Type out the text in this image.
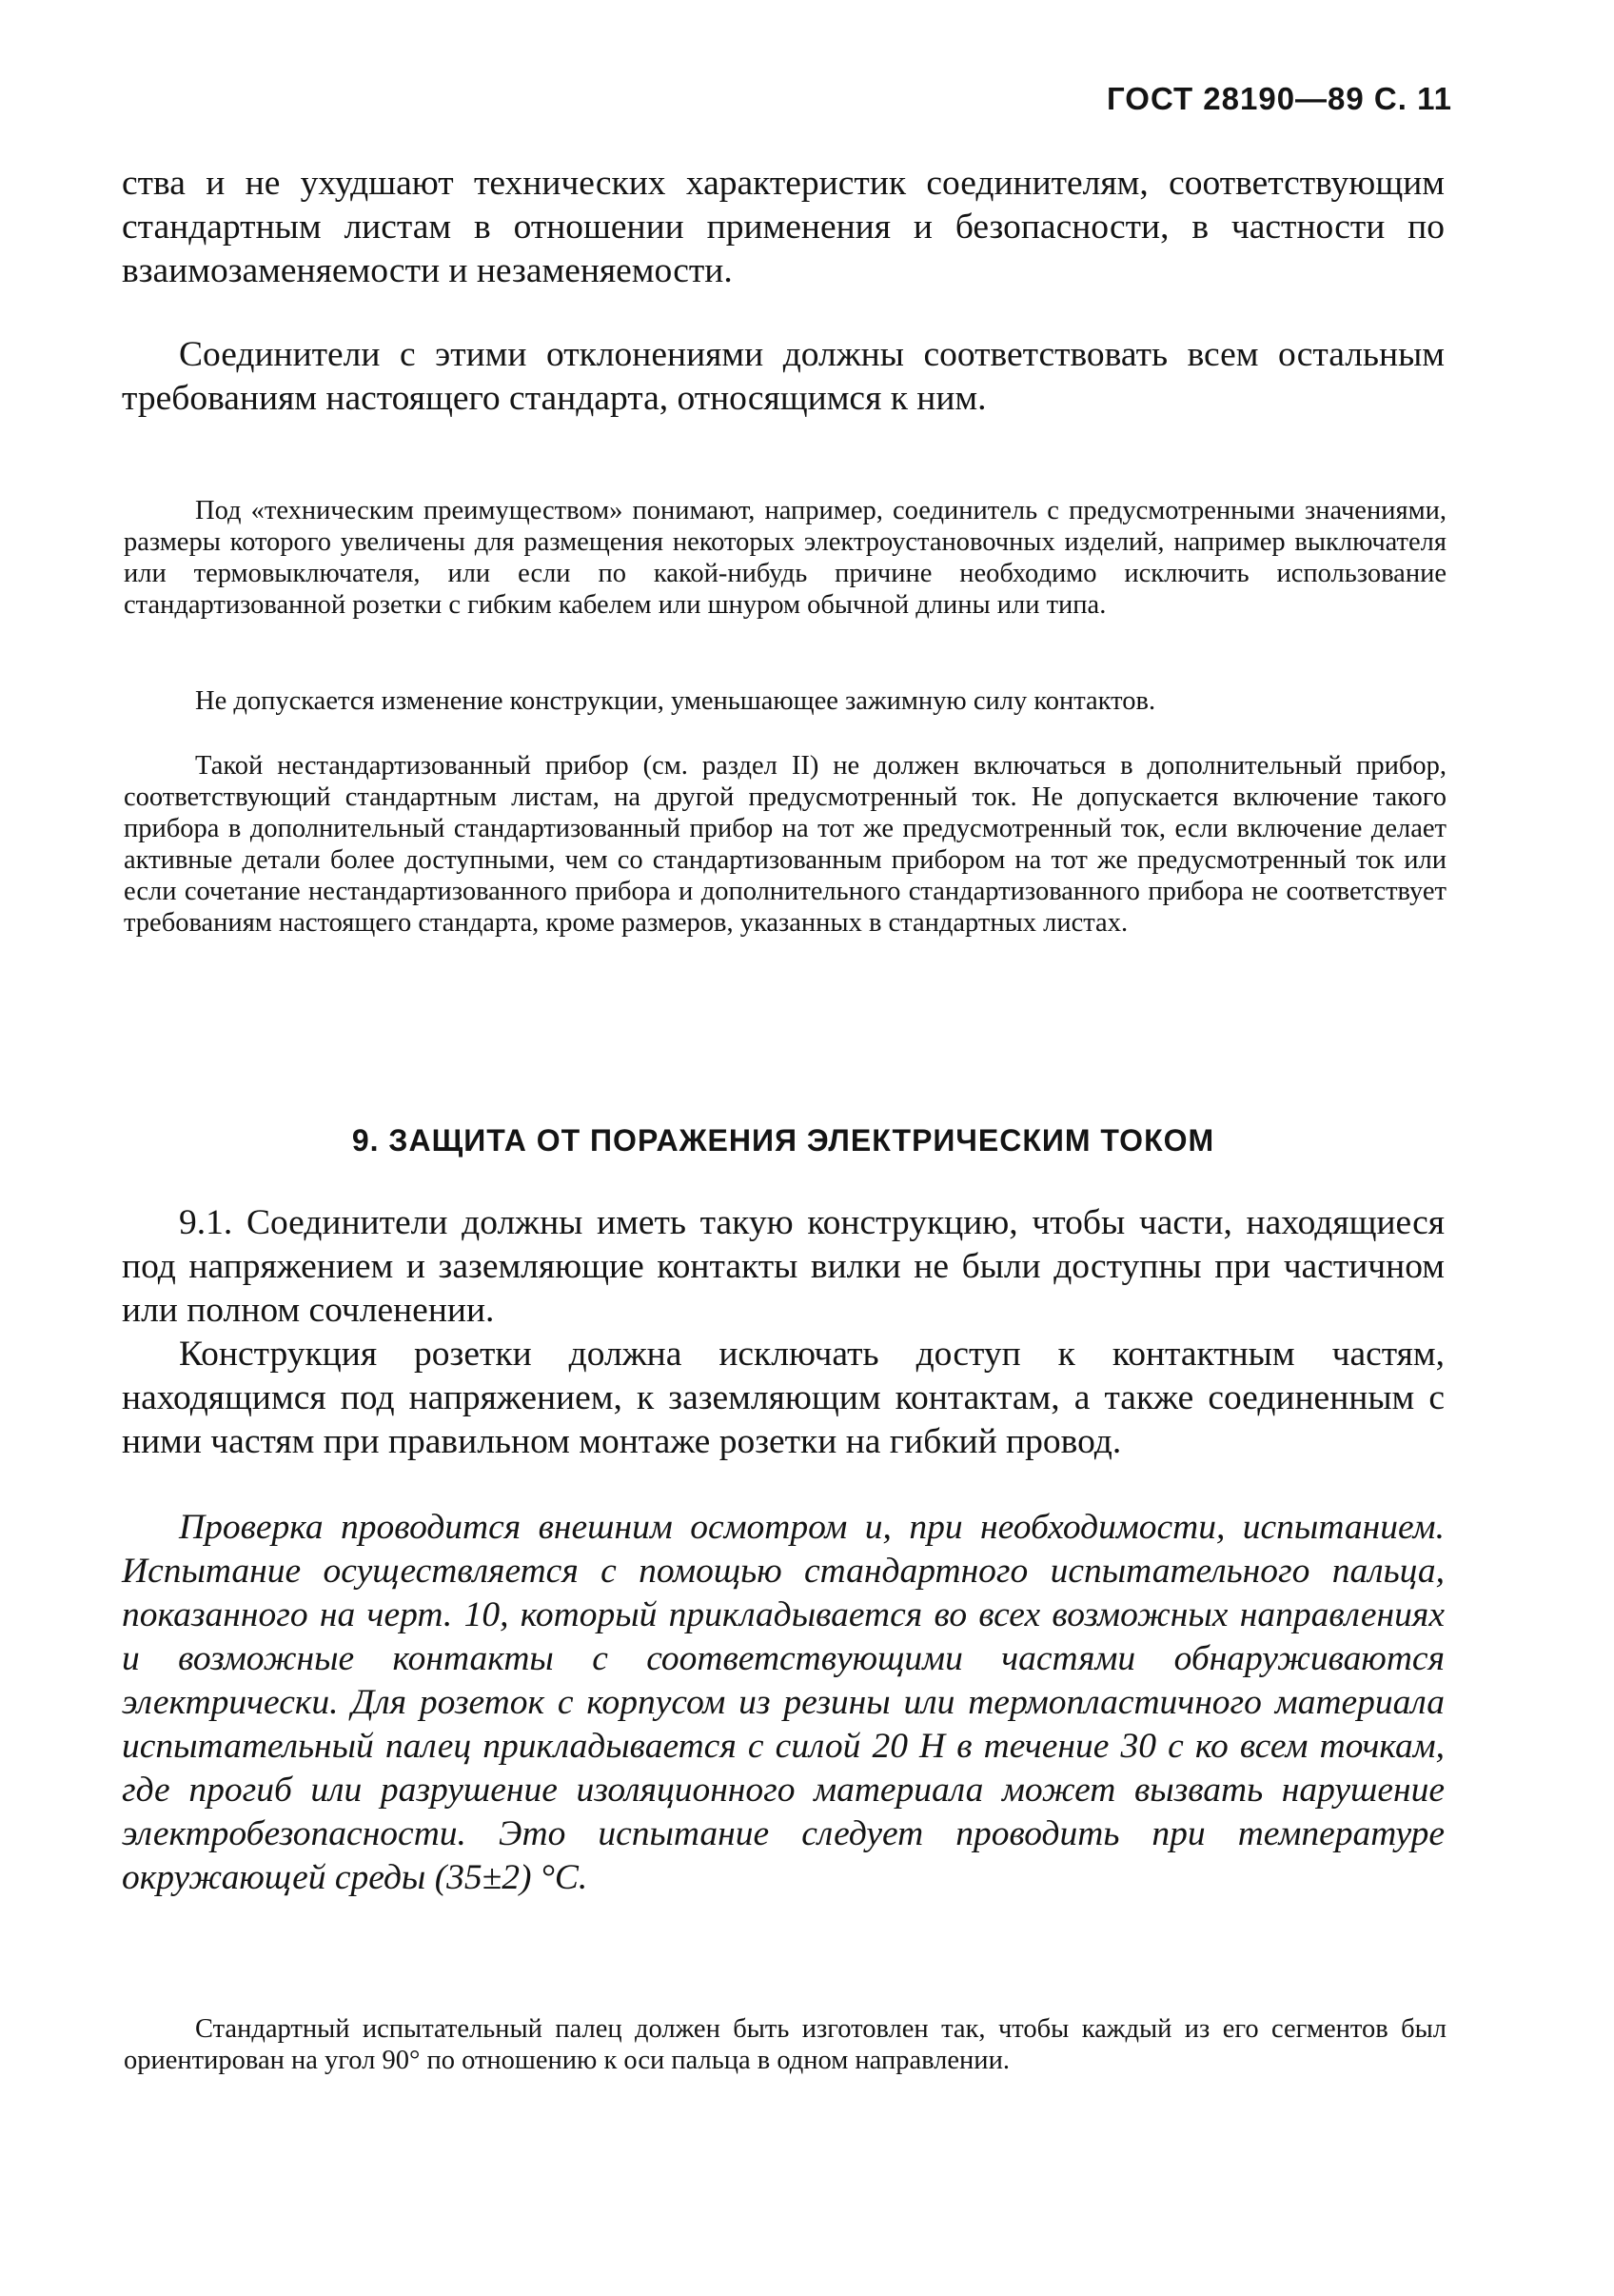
ГОСТ 28190—89 С. 11

ства и не ухудшают технических характеристик соединителям, соответствующим стандартным листам в отношении применения и безопасности, в частности по взаимозаменяемости и незаменяемости.

Соединители с этими отклонениями должны соответствовать всем остальным требованиям настоящего стандарта, относящимся к ним.

Под «техническим преимуществом» понимают, например, соединитель с предусмотренными значениями, размеры которого увеличены для размещения некоторых электроустановочных изделий, например выключателя или термовыключателя, или если по какой-нибудь причине необходимо исключить использование стандартизованной розетки с гибким кабелем или шнуром обычной длины или типа.

Не допускается изменение конструкции, уменьшающее зажимную силу контактов.

Такой нестандартизованный прибор (см. раздел II) не должен включаться в дополнительный прибор, соответствующий стандартным листам, на другой предусмотренный ток. Не допускается включение такого прибора в дополнительный стандартизованный прибор на тот же предусмотренный ток, если включение делает активные детали более доступными, чем со стандартизованным прибором на тот же предусмотренный ток или если сочетание нестандартизованного прибора и дополнительного стандартизованного прибора не соответствует требованиям настоящего стандарта, кроме размеров, указанных в стандартных листах.

9. ЗАЩИТА ОТ ПОРАЖЕНИЯ ЭЛЕКТРИЧЕСКИМ ТОКОМ

9.1. Соединители должны иметь такую конструкцию, чтобы части, находящиеся под напряжением и заземляющие контакты вилки не были доступны при частичном или полном сочленении.

Конструкция розетки должна исключать доступ к контактным частям, находящимся под напряжением, к заземляющим контактам, а также соединенным с ними частям при правильном монтаже розетки на гибкий провод.

Проверка проводится внешним осмотром и, при необходимости, испытанием. Испытание осуществляется с помощью стандартного испытательного пальца, показанного на черт. 10, который прикладывается во всех возможных направлениях и возможные контакты с соответствующими частями обнаруживаются электрически. Для розеток с корпусом из резины или термопластичного материала испытательный палец прикладывается с силой 20 Н в течение 30 с ко всем точкам, где прогиб или разрушение изоляционного материала может вызвать нарушение электробезопасности. Это испытание следует проводить при температуре окружающей среды (35±2) °С.

Стандартный испытательный палец должен быть изготовлен так, чтобы каждый из его сегментов был ориентирован на угол 90° по отношению к оси пальца в одном направлении.
